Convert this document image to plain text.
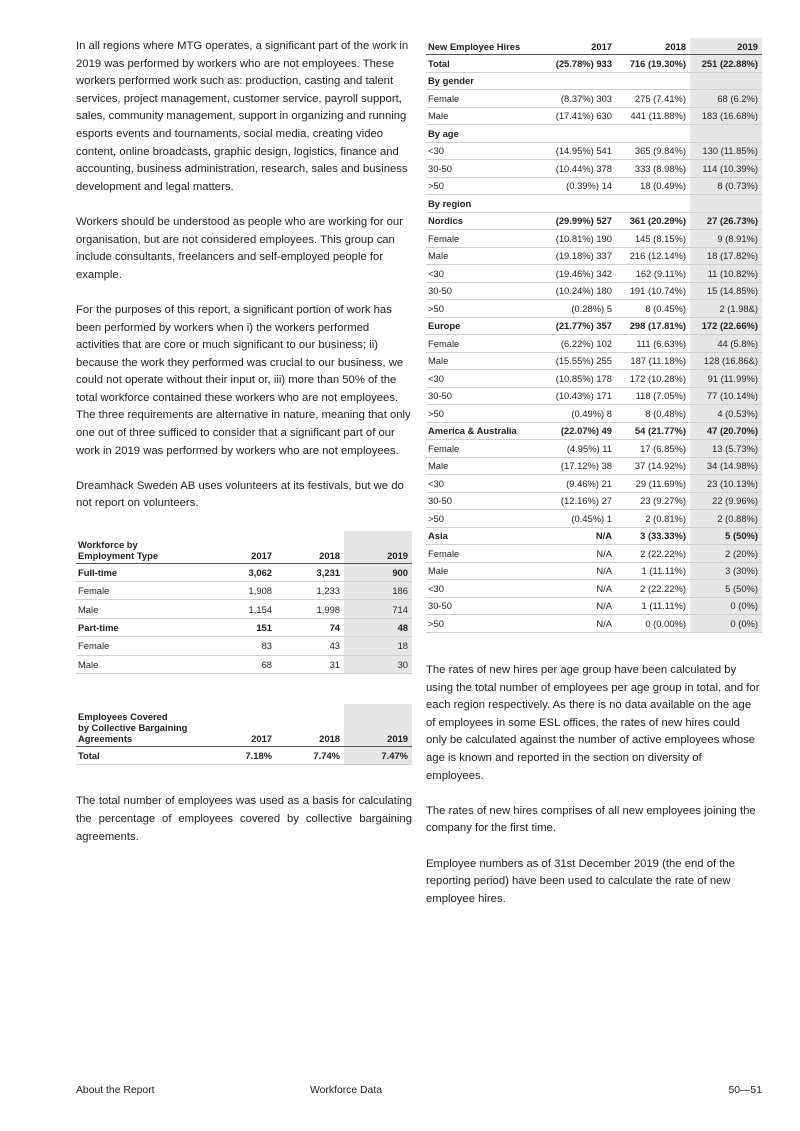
In all regions where MTG operates, a significant part of the work in 2019 was performed by workers who are not employees. These workers performed work such as: production, casting and talent services, project management, customer service, payroll support, sales, community management, support in organizing and running esports events and tournaments, social media, creating video content, online broadcasts, graphic design, logistics, finance and accounting, business administration, research, sales and business development and legal matters.

Workers should be understood as people who are working for our organisation, but are not considered employees. This group can include consultants, freelancers and self-employed people for example.

For the purposes of this report, a significant portion of work has been performed by workers when i) the workers performed activities that are core or much significant to our business; ii) because the work they performed was crucial to our business, we could not operate without their input or, iii) more than 50% of the total workforce contained these workers who are not employees. The three requirements are alternative in nature, meaning that only one out of three sufficed to consider that a significant part of our work in 2019 was performed by workers who are not employees.

Dreamhack Sweden AB uses volunteers at its festivals, but we do not report on volunteers.

Workforce by
Employment Type	2017	2018	2019
Full-time	3,062	3,231	900
Female	1,908	1,233	186
Male	1,154	1,998	714
Part-time	151	74	48
Female	83	43	18
Male	68	31	30
Employees Covered
by Collective Bargaining
Agreements	2017	2018	2019
Total	7.18%	7.74%	7.47%

The total number of employees was used as a basis for calculating the percentage of employees covered by collective bargaining agreements.

New Employee Hires	2017	2018	2019
Total	(25.78%) 933	716 (19.30%)	251 (22.88%)
By gender			
Female	(8.37%) 303	275 (7.41%)	68 (6.2%)
Male	(17.41%) 630	441 (11.88%)	183 (16.68%)
By age			
<30	(14.95%) 541	365 (9.84%)	130 (11.85%)
30-50	(10.44%) 378	333 (8.98%)	114 (10.39%)
>50	(0.39%) 14	18 (0.49%)	8 (0.73%)
By region			
Nordics	(29.99%) 527	361 (20.29%)	27 (26.73%)
Female	(10.81%) 190	145 (8.15%)	9 (8.91%)
Male	(19.18%) 337	216 (12.14%)	18 (17.82%)
<30	(19.46%) 342	162 (9.11%)	11 (10.82%)
30-50	(10.24%) 180	191 (10.74%)	15 (14.85%)
>50	(0.28%) 5	8 (0.45%)	2 (1.98&)
Europe	(21.77%) 357	298 (17.81%)	172 (22.66%)
Female	(6.22%) 102	111 (6.63%)	44 (5.8%)
Male	(15.55%) 255	187 (11.18%)	128 (16.86&)
<30	(10.85%) 178	172 (10.28%)	91 (11.99%)
30-50	(10.43%) 171	118 (7.05%)	77 (10.14%)
>50	(0.49%) 8	8 (0.48%)	4 (0.53%)
America & Australia	(22.07%) 49	54 (21.77%)	47 (20.70%)
Female	(4.95%) 11	17 (6.85%)	13 (5.73%)
Male	(17.12%) 38	37 (14.92%)	34 (14.98%)
<30	(9.46%) 21	29 (11.69%)	23 (10.13%)
30-50	(12.16%) 27	23 (9.27%)	22 (9.96%)
>50	(0.45%) 1	2 (0.81%)	2 (0.88%)
Asia	N/A	3 (33.33%)	5 (50%)
Female	N/A	2 (22.22%)	2 (20%)
Male	N/A	1 (11.11%)	3 (30%)
<30	N/A	2 (22.22%)	5 (50%)
30-50	N/A	1 (11.11%)	0 (0%)
>50	N/A	0 (0.00%)	0 (0%)

The rates of new hires per age group have been calculated by using the total number of employees per age group in total, and for each region respectively. As there is no data available on the age of employees in some ESL offices, the rates of new hires could only be calculated against the number of active employees whose age is known and reported in the section on diversity of employees.

The rates of new hires comprises of all new employees joining the company for the first time.

Employee numbers as of 31st December 2019 (the end of the reporting period) have been used to calculate the rate of new employee hires.

About the Report	Workforce Data	50—51
